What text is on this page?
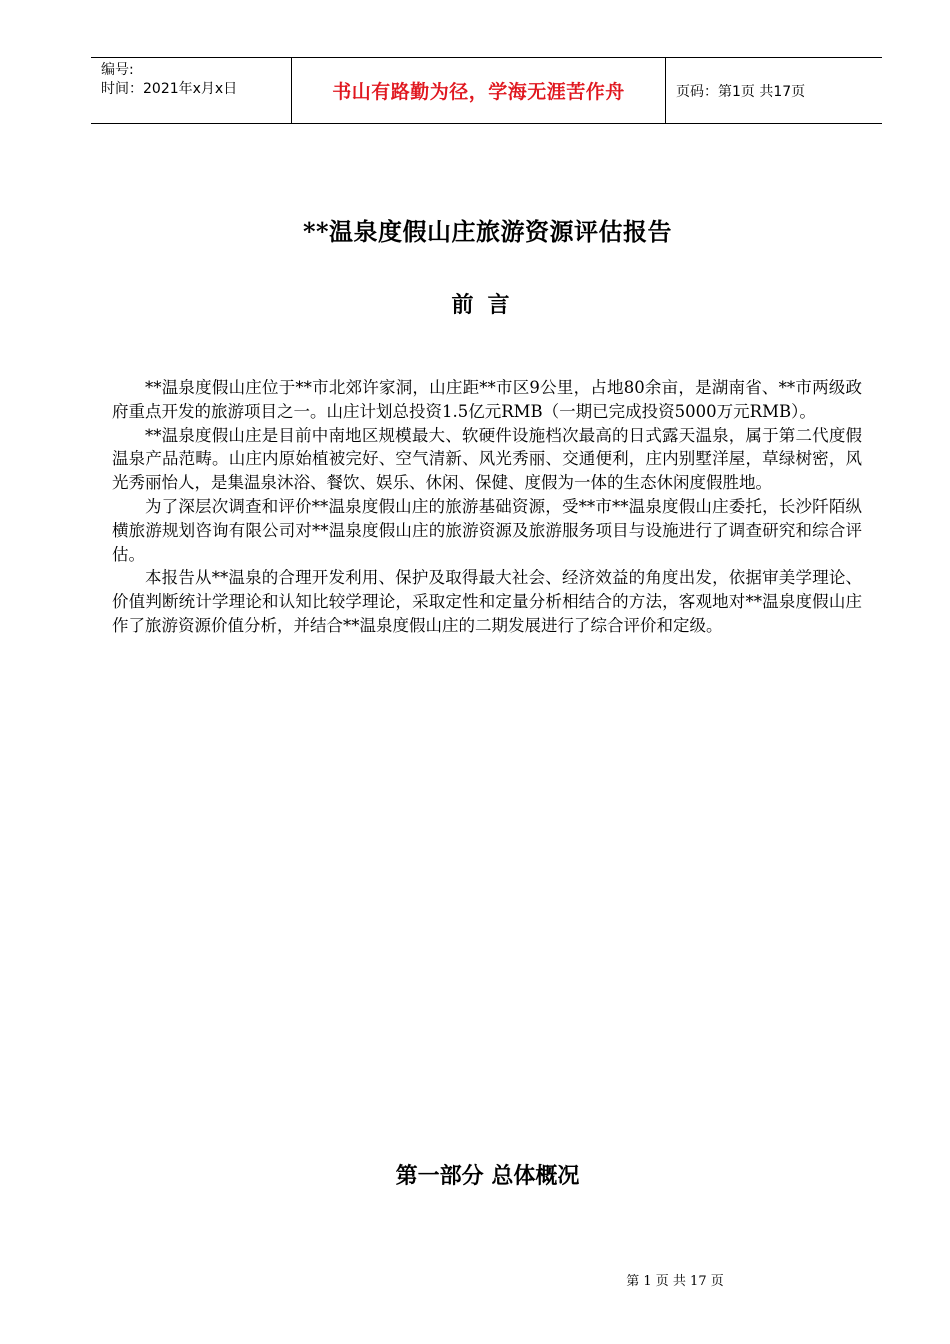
编号:
时间：2021年x月x日	书山有路勤为径，学海无涯苦作舟	页码：第1页 共17页
**温泉度假山庄旅游资源评估报告
前言

**温泉度假山庄位于**市北郊许家洞，山庄距**市区9公里，占地80余亩，是湖南省、**市两级政府重点开发的旅游项目之一。山庄计划总投资1.5亿元RMB（一期已完成投资5000万元RMB）。

**温泉度假山庄是目前中南地区规模最大、软硬件设施档次最高的日式露天温泉，属于第二代度假温泉产品范畴。山庄内原始植被完好、空气清新、风光秀丽、交通便利，庄内别墅洋屋，草绿树密，风光秀丽怡人，是集温泉沐浴、餐饮、娱乐、休闲、保健、度假为一体的生态休闲度假胜地。

为了深层次调查和评价**温泉度假山庄的旅游基础资源，受**市**温泉度假山庄委托，长沙阡陌纵横旅游规划咨询有限公司对**温泉度假山庄的旅游资源及旅游服务项目与设施进行了调查研究和综合评估。

本报告从**温泉的合理开发利用、保护及取得最大社会、经济效益的角度出发，依据审美学理论、价值判断统计学理论和认知比较学理论，采取定性和定量分析相结合的方法，客观地对**温泉度假山庄作了旅游资源价值分析，并结合**温泉度假山庄的二期发展进行了综合评价和定级。

第一部分 总体概况
第 1 页 共 17 页
